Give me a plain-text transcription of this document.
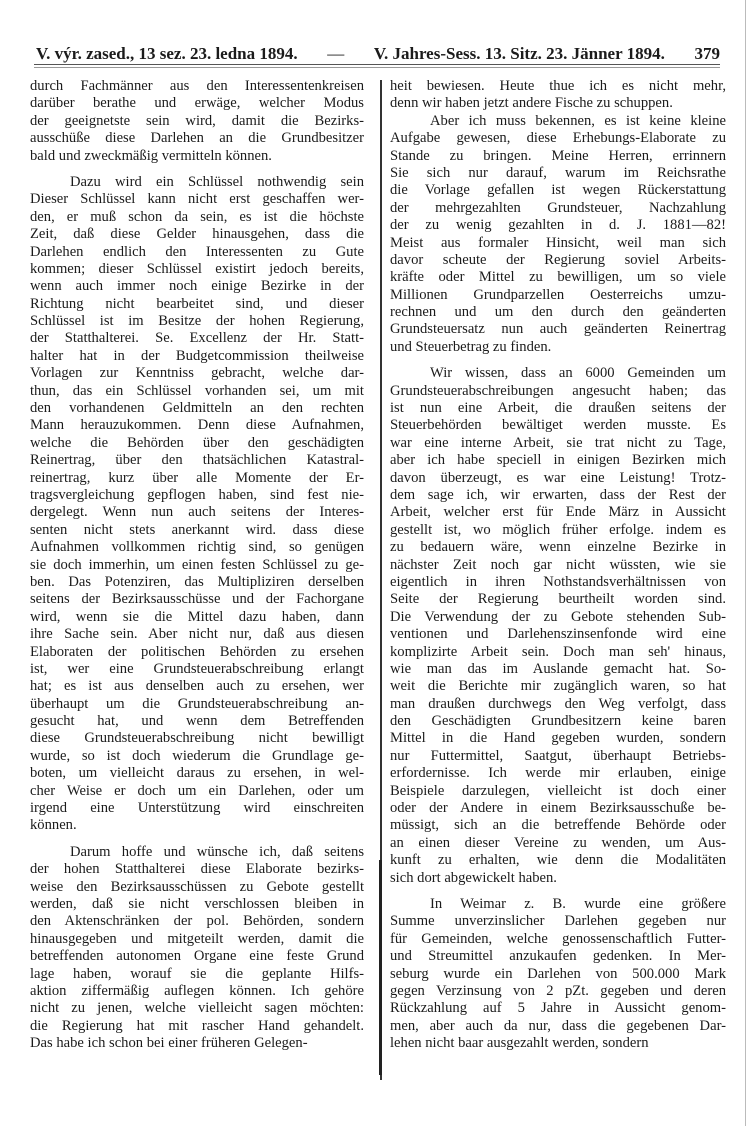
V. výr. zased., 13 sez. 23. ledna 1894. — V. Jahres-Sess. 13. Sitz. 23. Jänner 1894. 379
durch Fachmänner aus den Interessentenkreisen
darüber berathe und erwäge, welcher Modus
der geeignetste sein wird, damit die Bezirks-
ausschüße diese Darlehen an die Grundbesitzer
bald und zweckmäßig vermitteln können.
Dazu wird ein Schlüssel nothwendig sein
Dieser Schlüssel kann nicht erst geschaffen wer-
den, er muß schon da sein, es ist die höchste
Zeit, daß diese Gelder hinausgehen, dass die
Darlehen endlich den Interessenten zu Gute
kommen; dieser Schlüssel existirt jedoch bereits,
wenn auch immer noch einige Bezirke in der
Richtung nicht bearbeitet sind, und dieser
Schlüssel ist im Besitze der hohen Regierung,
der Statthalterei. Se. Excellenz der Hr. Statt-
halter hat in der Budgetcommission theilweise
Vorlagen zur Kenntniss gebracht, welche dar-
thun, das ein Schlüssel vorhanden sei, um mit
den vorhandenen Geldmitteln an den rechten
Mann herauzukommen. Denn diese Aufnahmen,
welche die Behörden über den geschädigten
Reinertrag, über den thatsächlichen Katastral-
reinertrag, kurz über alle Momente der Er-
tragsvergleichung gepflogen haben, sind fest nie-
dergelegt. Wenn nun auch seitens der Interes-
senten nicht stets anerkannt wird. dass diese
Aufnahmen vollkommen richtig sind, so genügen
sie doch immerhin, um einen festen Schlüssel zu ge-
ben. Das Potenziren, das Multipliziren derselben
seitens der Bezirksausschüsse und der Fachorgane
wird, wenn sie die Mittel dazu haben, dann
ihre Sache sein. Aber nicht nur, daß aus diesen
Elaboraten der politischen Behörden zu ersehen
ist, wer eine Grundsteuerabschreibung erlangt
hat; es ist aus denselben auch zu ersehen, wer
überhaupt um die Grundsteuerabschreibung an-
gesucht hat, und wenn dem Betreffenden
diese Grundsteuerabschreibung nicht bewilligt
wurde, so ist doch wiederum die Grundlage ge-
boten, um vielleicht daraus zu ersehen, in wel-
cher Weise er doch um ein Darlehen, oder um
irgend eine Unterstützung wird einschreiten
können.
Darum hoffe und wünsche ich, daß seitens
der hohen Statthalterei diese Elaborate bezirks-
weise den Bezirksausschüssen zu Gebote gestellt
werden, daß sie nicht verschlossen bleiben in
den Aktenschränken der pol. Behörden, sondern
hinausgegeben und mitgeteilt werden, damit die
betreffenden autonomen Organe eine feste Grund
lage haben, worauf sie die geplante Hilfs-
aktion ziffermäßig auflegen können. Ich gehöre
nicht zu jenen, welche vielleicht sagen möchten:
die Regierung hat mit rascher Hand gehandelt.
Das habe ich schon bei einer früheren Gelegen-
heit bewiesen. Heute thue ich es nicht mehr,
denn wir haben jetzt andere Fische zu schuppen.
Aber ich muss bekennen, es ist keine kleine
Aufgabe gewesen, diese Erhebungs-Elaborate zu
Stande zu bringen. Meine Herren, errinnern
Sie sich nur darauf, warum im Reichsrathe
die Vorlage gefallen ist wegen Rückerstattung
der mehrgezahlten Grundsteuer, Nachzahlung
der zu wenig gezahlten in d. J. 1881—82!
Meist aus formaler Hinsicht, weil man sich
davor scheute der Regierung soviel Arbeits-
kräfte oder Mittel zu bewilligen, um so viele
Millionen Grundparzellen Oesterreichs umzu-
rechnen und um den durch den geänderten
Grundsteuersatz nun auch geänderten Reinertrag
und Steuerbetrag zu finden.
Wir wissen, dass an 6000 Gemeinden um
Grundsteuerabschreibungen angesucht haben; das
ist nun eine Arbeit, die draußen seitens der
Steuerbehörden bewältiget werden musste. Es
war eine interne Arbeit, sie trat nicht zu Tage,
aber ich habe speciell in einigen Bezirken mich
davon überzeugt, es war eine Leistung! Trotz-
dem sage ich, wir erwarten, dass der Rest der
Arbeit, welcher erst für Ende März in Aussicht
gestellt ist, wo möglich früher erfolge. indem es
zu bedauern wäre, wenn einzelne Bezirke in
nächster Zeit noch gar nicht wüssten, wie sie
eigentlich in ihren Nothstandsverhältnissen von
Seite der Regierung beurtheilt worden sind.
Die Verwendung der zu Gebote stehenden Sub-
ventionen und Darlehenszinsenfonde wird eine
komplizirte Arbeit sein. Doch man seh' hinaus,
wie man das im Auslande gemacht hat. So-
weit die Berichte mir zugänglich waren, so hat
man draußen durchwegs den Weg verfolgt, dass
den Geschädigten Grundbesitzern keine baren
Mittel in die Hand gegeben wurden, sondern
nur Futtermittel, Saatgut, überhaupt Betriebs-
erfordernisse. Ich werde mir erlauben, einige
Beispiele darzulegen, vielleicht ist doch einer
oder der Andere in einem Bezirksausschuße be-
müssigt, sich an die betreffende Behörde oder
an einen dieser Vereine zu wenden, um Aus-
kunft zu erhalten, wie denn die Modalitäten
sich dort abgewickelt haben.
In Weimar z. B. wurde eine größere
Summe unverzinslicher Darlehen gegeben nur
für Gemeinden, welche genossenschaftlich Futter-
und Streumittel anzukaufen gedenken. In Mer-
seburg wurde ein Darlehen von 500.000 Mark
gegen Verzinsung von 2 pZt. gegeben und deren
Rückzahlung auf 5 Jahre in Aussicht genom-
men, aber auch da nur, dass die gegebenen Dar-
lehen nicht baar ausgezahlt werden, sondern
